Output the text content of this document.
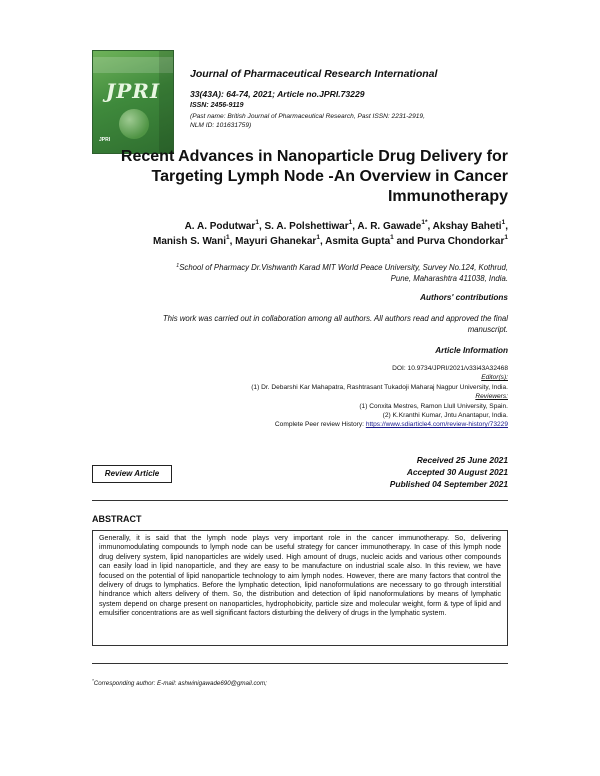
JPRI
JPRI
Journal of Pharmaceutical Research International
33(43A): 64-74, 2021; Article no.JPRI.73229
ISSN: 2456-9119
(Past name: British Journal of Pharmaceutical Research, Past ISSN: 2231-2919,
NLM ID: 101631759)
Recent Advances in Nanoparticle Drug Delivery for
Targeting Lymph Node -An Overview in Cancer
Immunotherapy
A. A. Podutwar$^1$, S. A. Polshettiwar$^1$, A. R. Gawade$^{1*}$, Akshay Baheti$^1$,
Manish S. Wani$^1$, Mayuri Ghanekar$^1$, Asmita Gupta$^1$ and Purva Chondorkar$^1$
$^1$School of Pharmacy Dr.Vishwanth Karad MIT World Peace University, Survey No.124, Kothrud,
Pune, Maharashtra 411038, India.
Authors' contributions
This work was carried out in collaboration among all authors. All authors read and approved the final
manuscript.
Article Information
DOI: 10.9734/JPRI/2021/v33i43A32468
Editor(s):
(1) Dr. Debarshi Kar Mahapatra, Rashtrasant Tukadoji Maharaj Nagpur University, India.
Reviewers:
(1) Conxita Mestres, Ramon Llull University, Spain.
(2) K.Kranthi Kumar, Jntu Anantapur, India.
Complete Peer review History: https://www.sdiarticle4.com/review-history/73229
Review Article
Received 25 June 2021
Accepted 30 August 2021
Published 04 September 2021
ABSTRACT
Generally, it is said that the lymph node plays very important role in the cancer immunotherapy. So, delivering immunomodulating compounds to lymph node can be useful strategy for cancer immunotherapy. In case of this lymph node drug delivery system, lipid nanoparticles are widely used. High amount of drugs, nucleic acids and various other compounds can easily load in lipid nanoparticle, and they are easy to be manufacture on industrial scale also. In this review, we have focused on the potential of lipid nanoparticle technology to aim lymph nodes. However, there are many factors that control the delivery of drugs to lymphatics. Before the lymphatic detection, lipid nanoformulations are necessary to go through interstitial hindrance which alters delivery of them. So, the distribution and detection of lipid nanoformulations by means of lymphatic system depend on charge present on nanoparticles, hydrophobicity, particle size and molecular weight, form & type of lipid and emulsifier concentrations are as well significant factors disturbing the delivery of drugs in the lymphatic system.
*Corresponding author: E-mail: ashwinigawade690@gmail.com;
